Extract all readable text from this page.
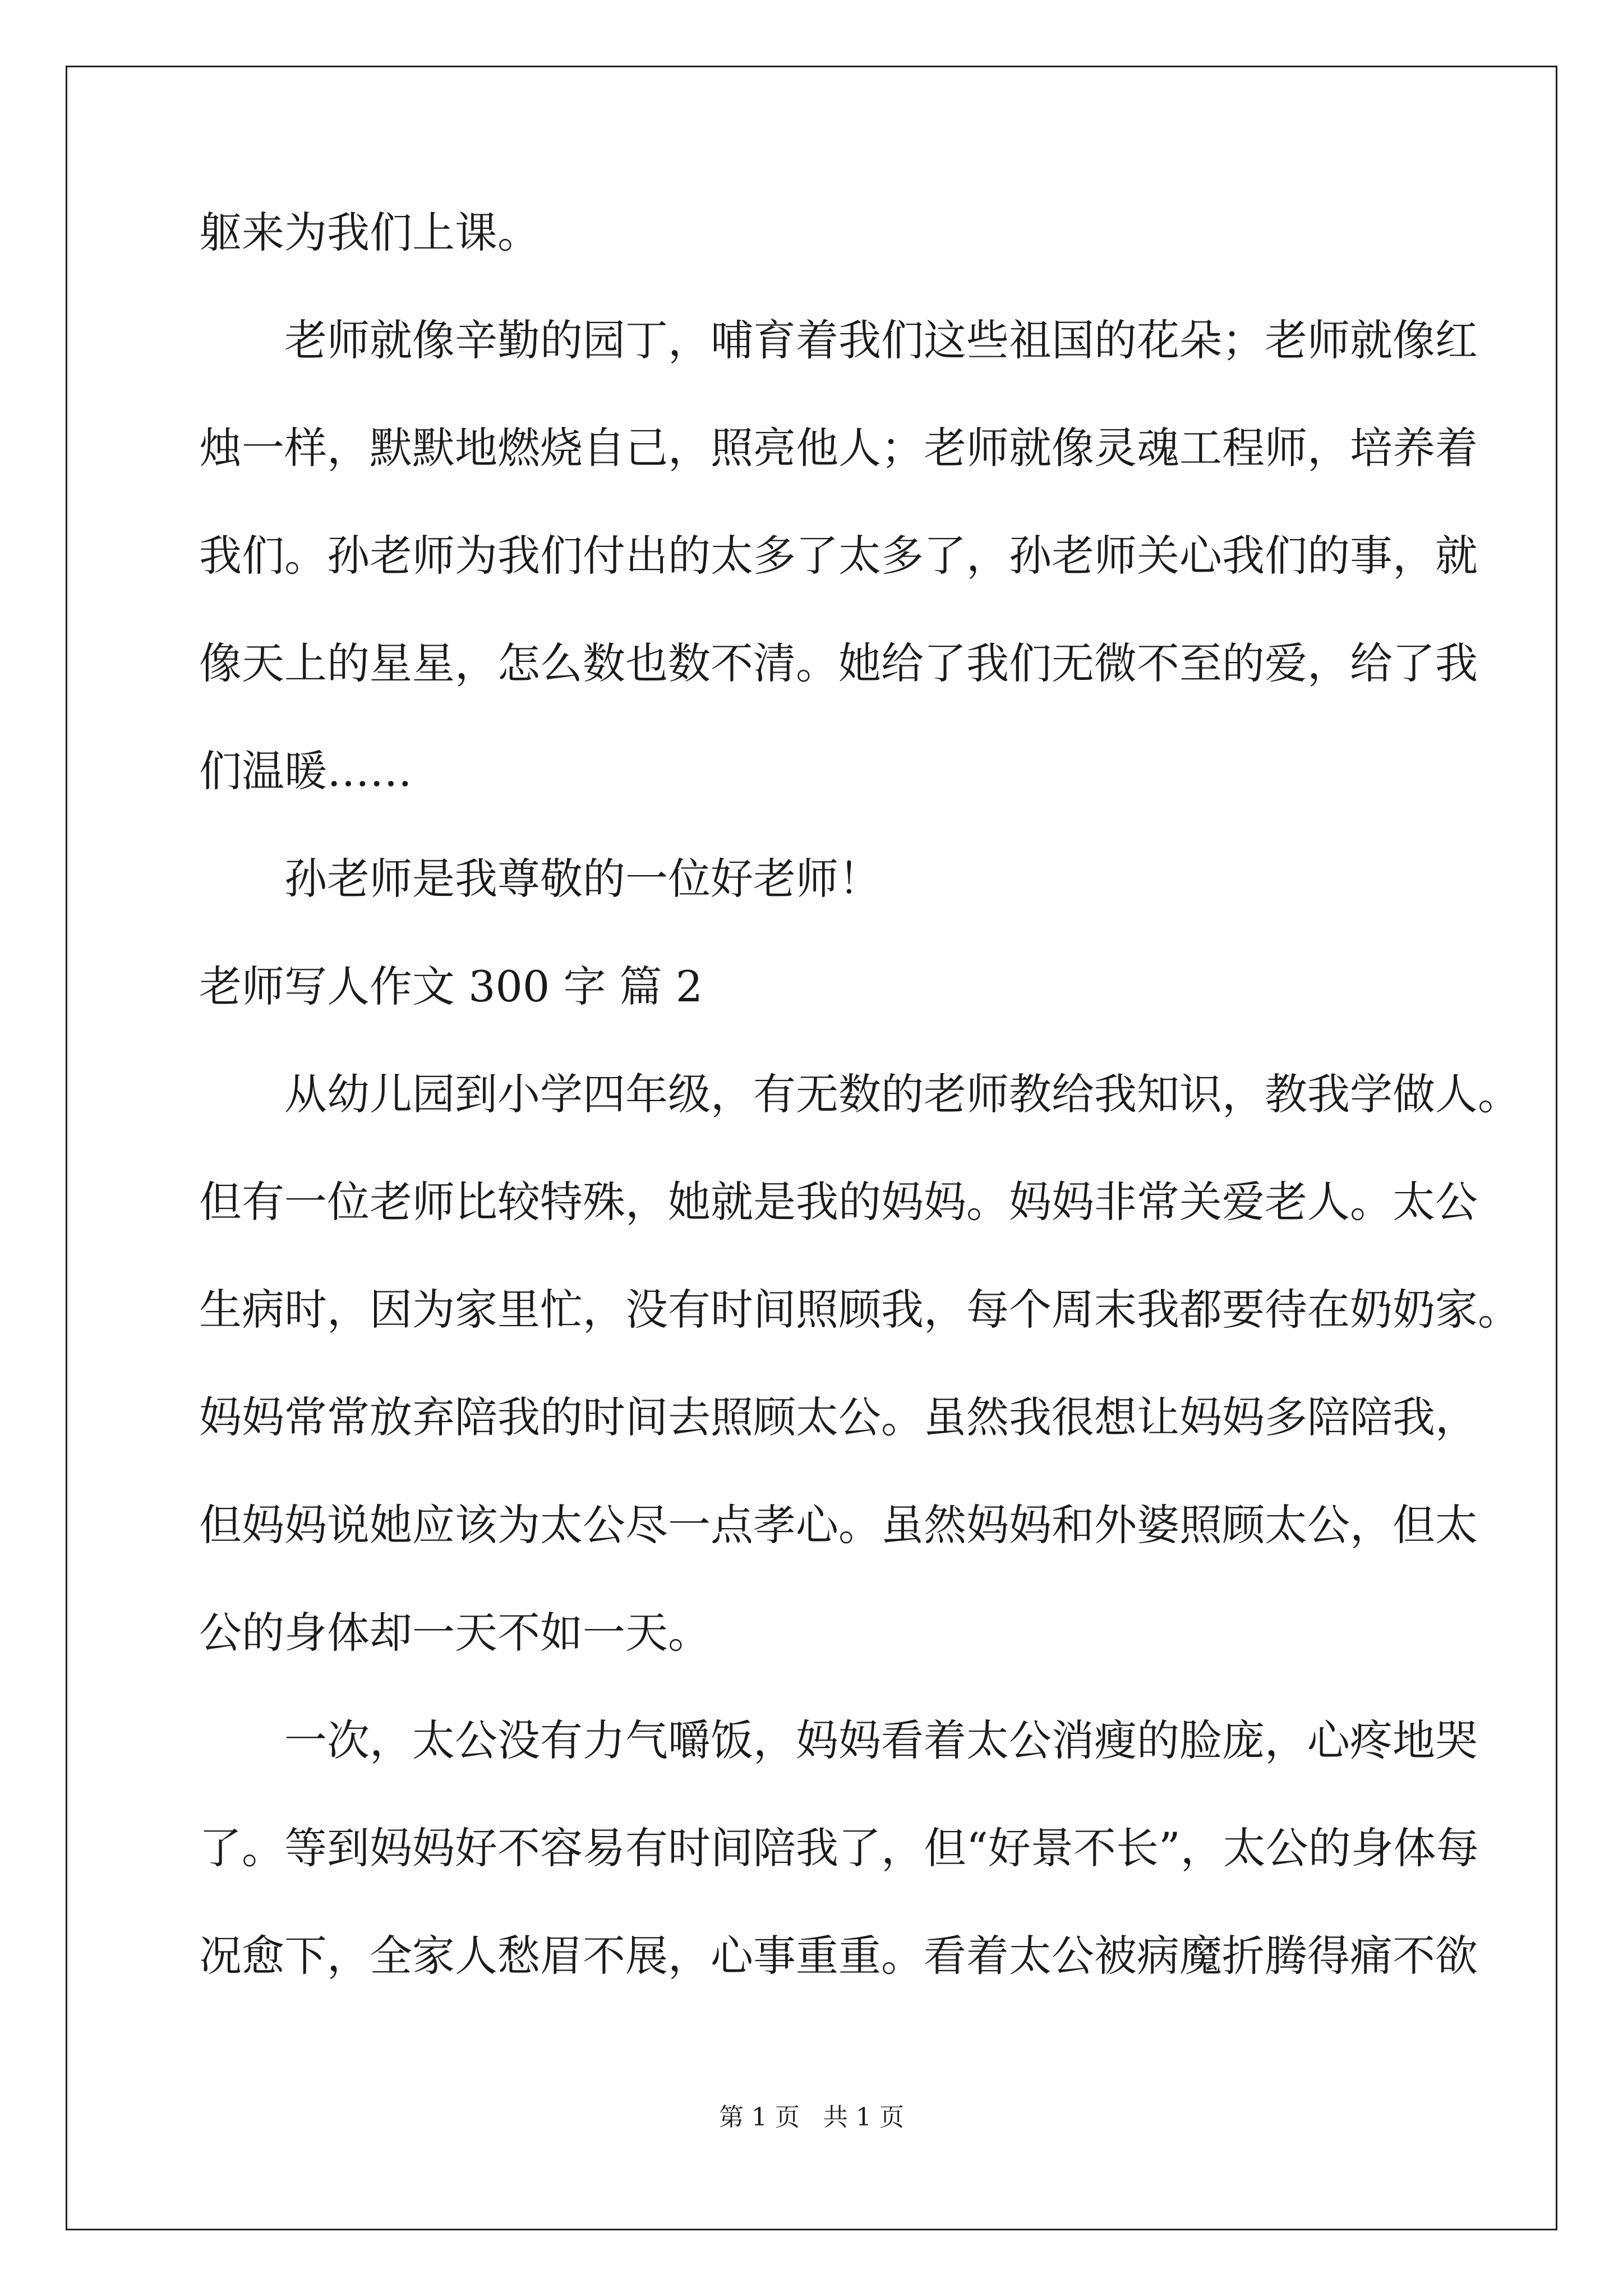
躯来为我们上课。
老师就像辛勤的园丁，哺育着我们这些祖国的花朵；老师就像红
烛一样，默默地燃烧自己，照亮他人；老师就像灵魂工程师，培养着
我们。孙老师为我们付出的太多了太多了，孙老师关心我们的事，就
像天上的星星，怎么数也数不清。她给了我们无微不至的爱，给了我
们温暖……
孙老师是我尊敬的一位好老师！
老师写人作文 300 字 篇 2
从幼儿园到小学四年级，有无数的老师教给我知识，教我学做人。
但有一位老师比较特殊，她就是我的妈妈。妈妈非常关爱老人。太公
生病时，因为家里忙，没有时间照顾我，每个周末我都要待在奶奶家。
妈妈常常放弃陪我的时间去照顾太公。虽然我很想让妈妈多陪陪我，
但妈妈说她应该为太公尽一点孝心。虽然妈妈和外婆照顾太公，但太
公的身体却一天不如一天。
一次，太公没有力气嚼饭，妈妈看着太公消瘦的脸庞，心疼地哭
了。等到妈妈好不容易有时间陪我了，但“好景不长”，太公的身体每
况愈下，全家人愁眉不展，心事重重。看着太公被病魔折腾得痛不欲
第 1 页 共 1 页
